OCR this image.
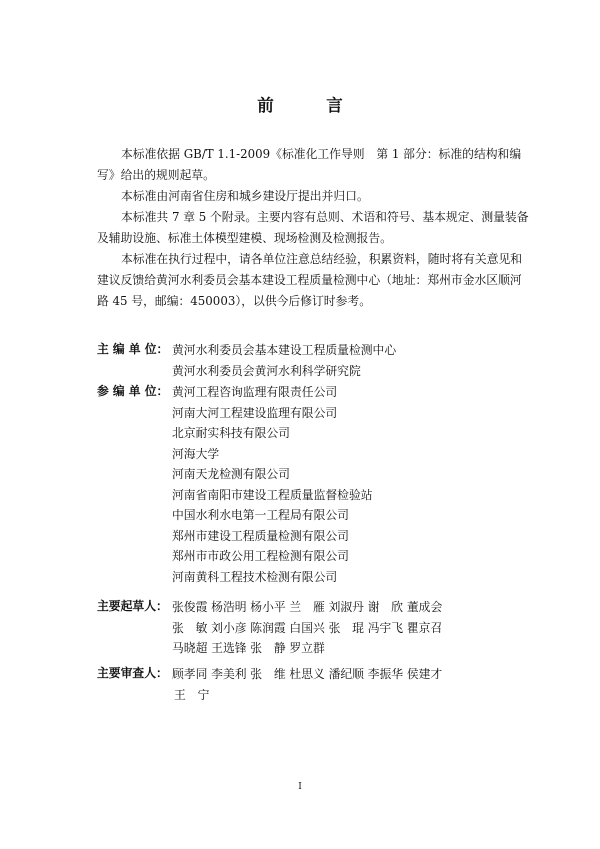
前　言

本标准依据 GB/T 1.1-2009《标准化工作导则　第 1 部分：标准的结构和编写》给出的规则起草。

本标准由河南省住房和城乡建设厅提出并归口。

本标准共 7 章 5 个附录。主要内容有总则、术语和符号、基本规定、测量装备及辅助设施、标准土体模型建模、现场检测及检测报告。

本标准在执行过程中，请各单位注意总结经验，积累资料，随时将有关意见和建议反馈给黄河水利委员会基本建设工程质量检测中心（地址：郑州市金水区顺河路 45 号，邮编：450003），以供今后修订时参考。

主 编 单 位： 黄河水利委员会基本建设工程质量检测中心
黄河水利委员会黄河水利科学研究院
参 编 单 位： 黄河工程咨询监理有限责任公司
河南大河工程建设监理有限公司
北京耐实科技有限公司
河海大学
河南天龙检测有限公司
河南省南阳市建设工程质量监督检验站
中国水利水电第一工程局有限公司
郑州市建设工程质量检测有限公司
郑州市市政公用工程检测有限公司
河南黄科工程技术检测有限公司
主要起草人： 张俊霞 杨浩明 杨小平 兰　雁 刘淑丹 谢　欣 董成会
张　敏 刘小彦 陈润霞 白国兴 张　琨 冯宇飞 瞿京召
马晓超 王选锋 张　静 罗立群
主要审查人： 顾孝同 李美利 张　维 杜思义 潘纪顺 李振华 侯建才
王　宁
I
